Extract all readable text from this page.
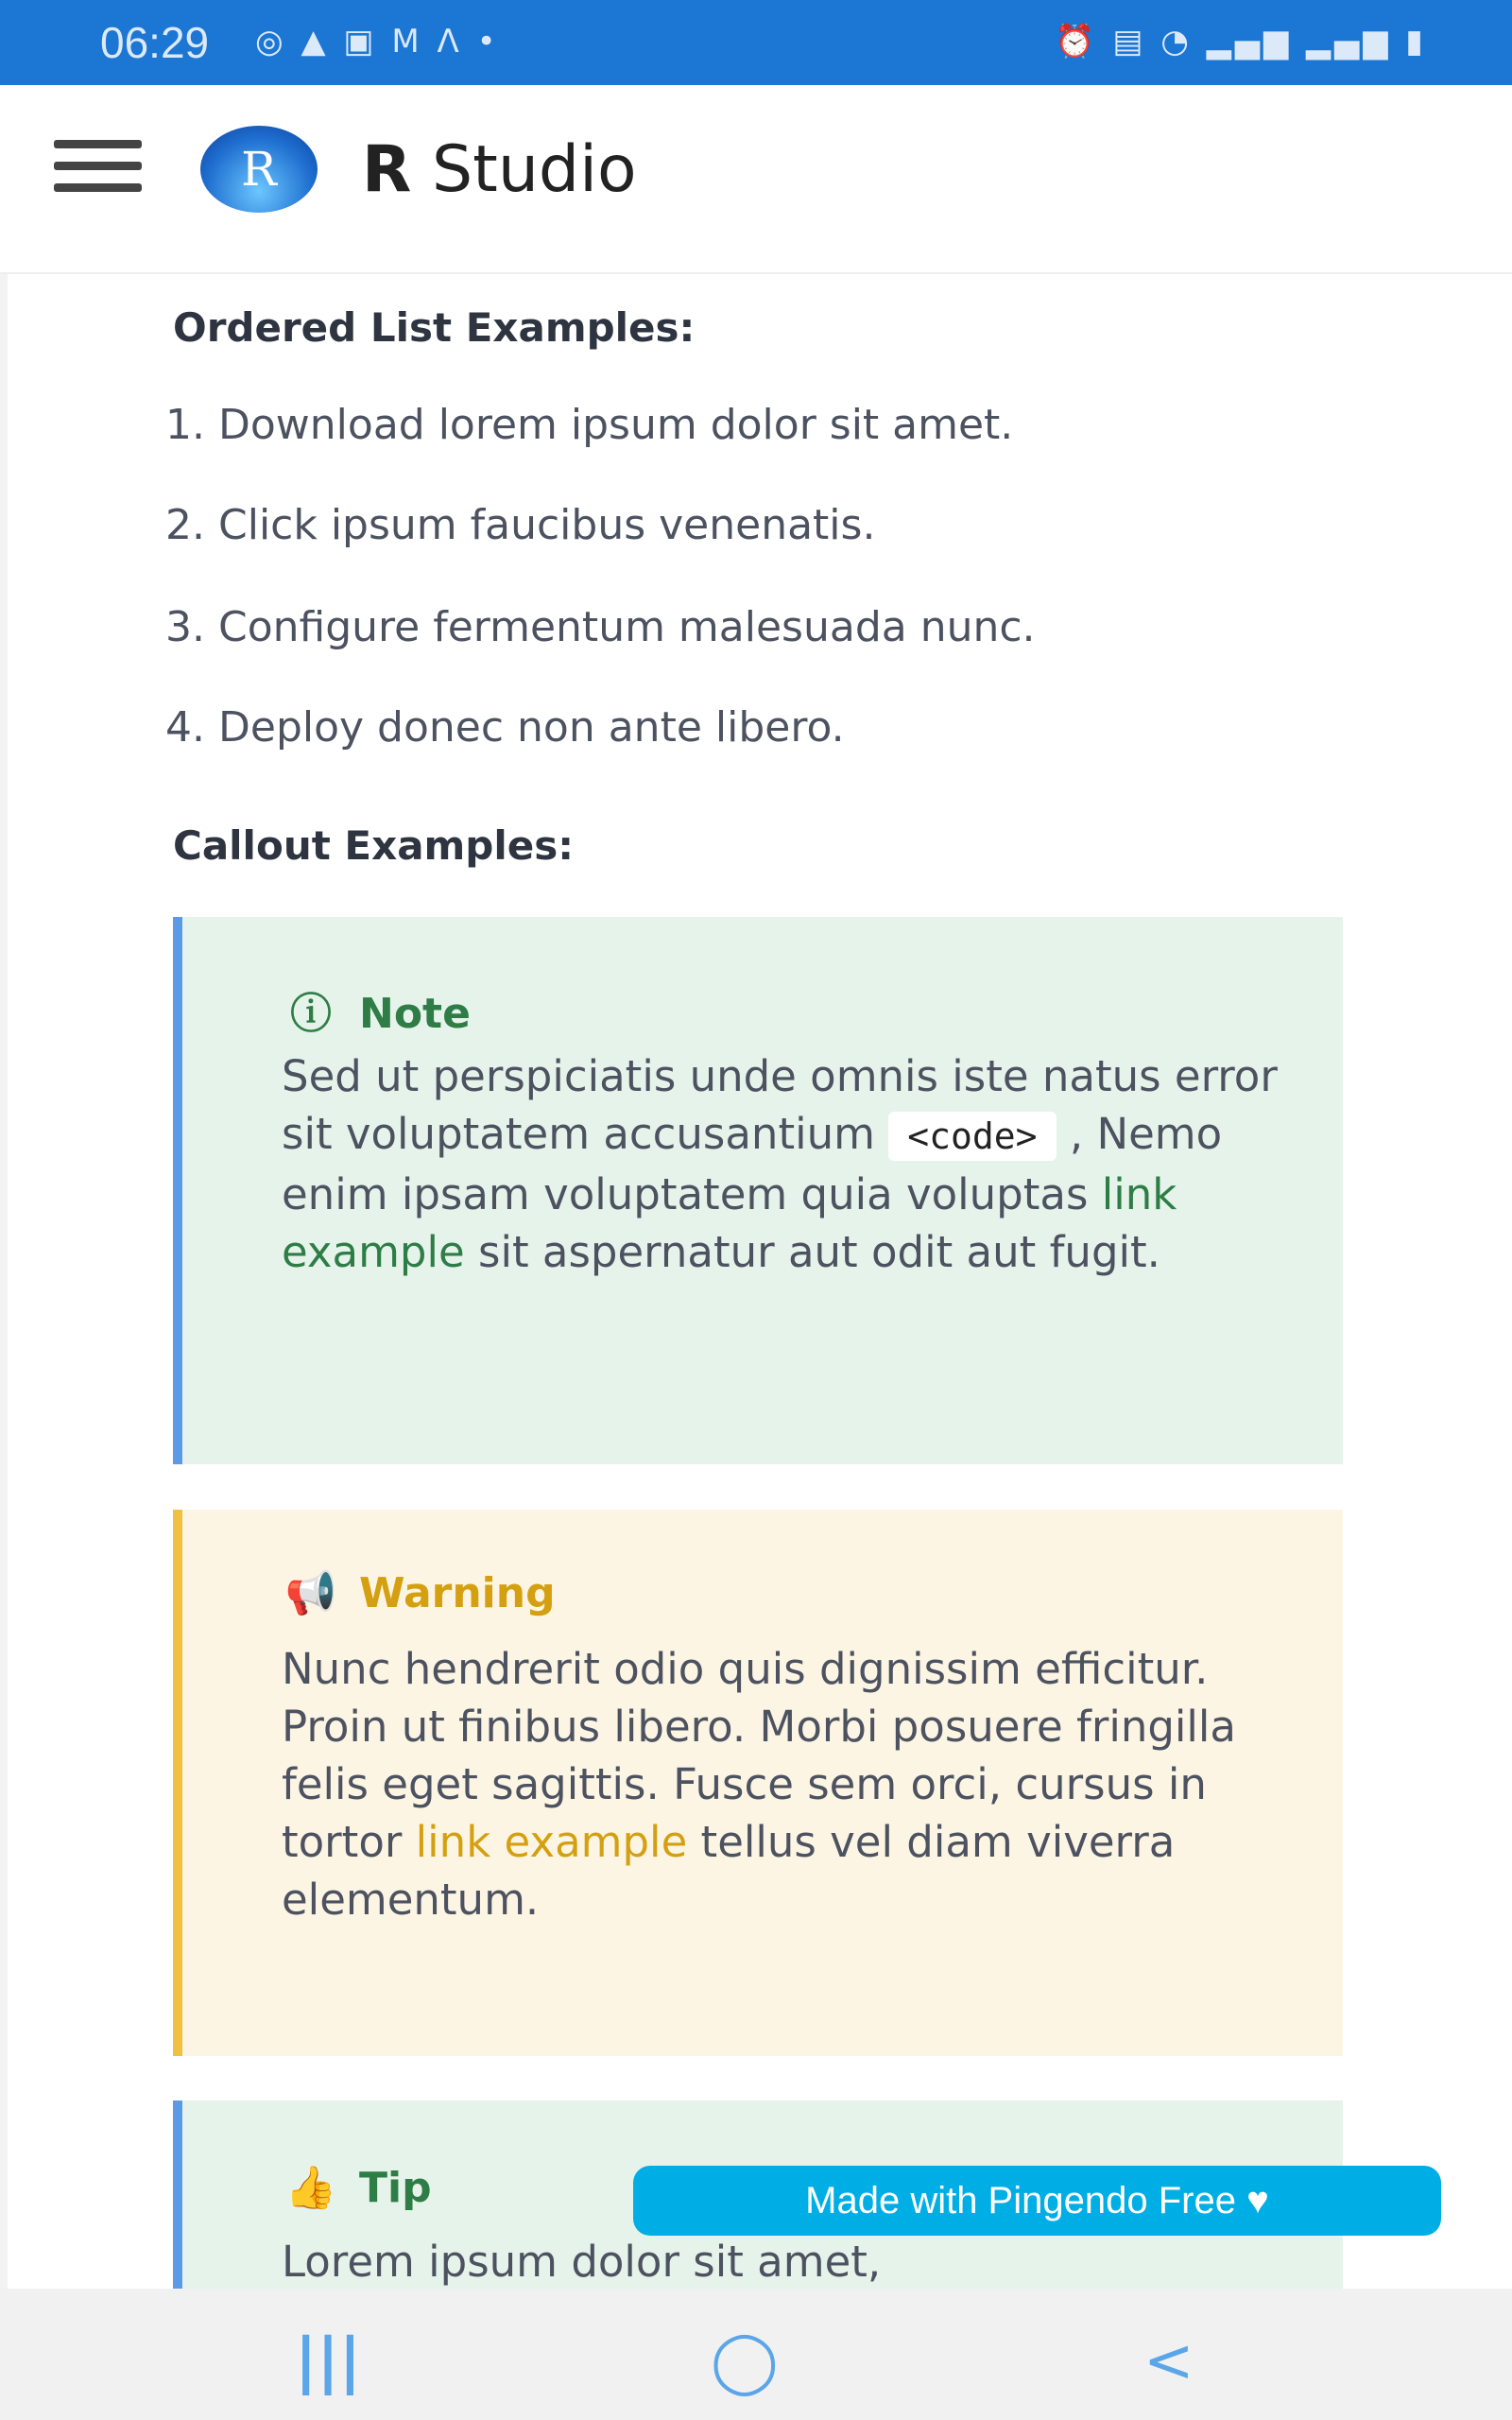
06:29 ◎ ▲ ▣ M Λ •	⏰ ▤ ◔ ▂▄▆ ▂▄▆ ▮
R	R Studio
Ordered List Examples:
1. Download lorem ipsum dolor sit amet.
2. Click ipsum faucibus venenatis.
3. Configure fermentum malesuada nunc.
4. Deploy donec non ante libero.
Callout Examples:
ⓘ Note
Sed ut perspiciatis unde omnis iste natus error sit voluptatem accusantium <code> , Nemo enim ipsam voluptatem quia voluptas link example sit aspernatur aut odit aut fugit.
📢 Warning
Nunc hendrerit odio quis dignissim efficitur. Proin ut finibus libero. Morbi posuere fringilla felis eget sagittis. Fusce sem orci, cursus in tortor link example tellus vel diam viverra elementum.
👍 Tip
Lorem ipsum dolor sit amet,
Made with Pingendo Free ♥
|||	◯	<
